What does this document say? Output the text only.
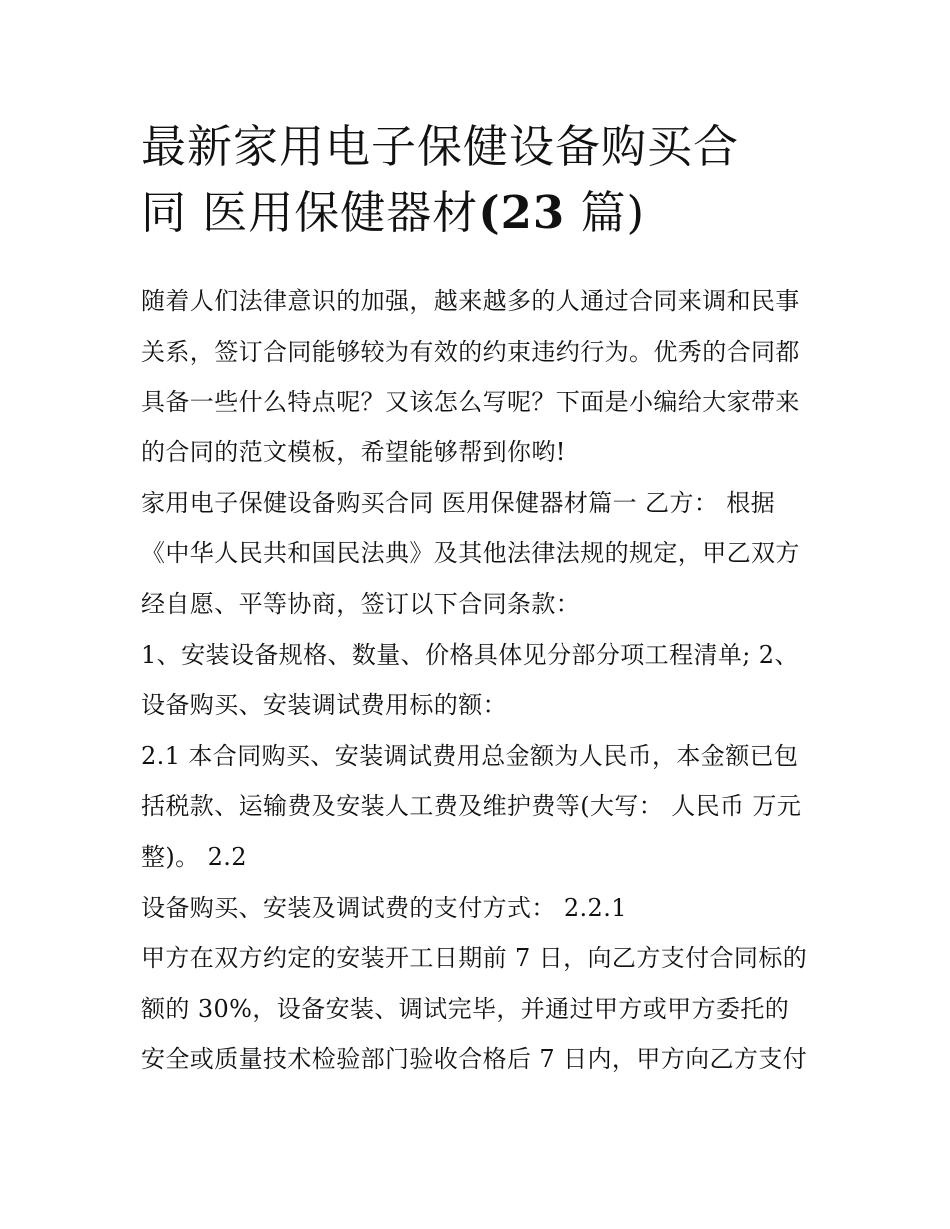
最新家用电子保健设备购买合
同 医用保健器材(23 篇)

随着人们法律意识的加强，越来越多的人通过合同来调和民事

关系，签订合同能够较为有效的约束违约行为。优秀的合同都

具备一些什么特点呢？又该怎么写呢？下面是小编给大家带来

的合同的范文模板，希望能够帮到你哟!

家用电子保健设备购买合同 医用保健器材篇一 乙方： 根据

《中华人民共和国民法典》及其他法律法规的规定，甲乙双方

经自愿、平等协商，签订以下合同条款：

1、安装设备规格、数量、价格具体见分部分项工程清单; 2、

设备购买、安装调试费用标的额：

2.1 本合同购买、安装调试费用总金额为人民币，本金额已包

括税款、运输费及安装人工费及维护费等(大写： 人民币 万元

整)。 2.2

设备购买、安装及调试费的支付方式： 2.2.1

甲方在双方约定的安装开工日期前 7 日，向乙方支付合同标的

额的 30%，设备安装、调试完毕，并通过甲方或甲方委托的

安全或质量技术检验部门验收合格后 7 日内，甲方向乙方支付
